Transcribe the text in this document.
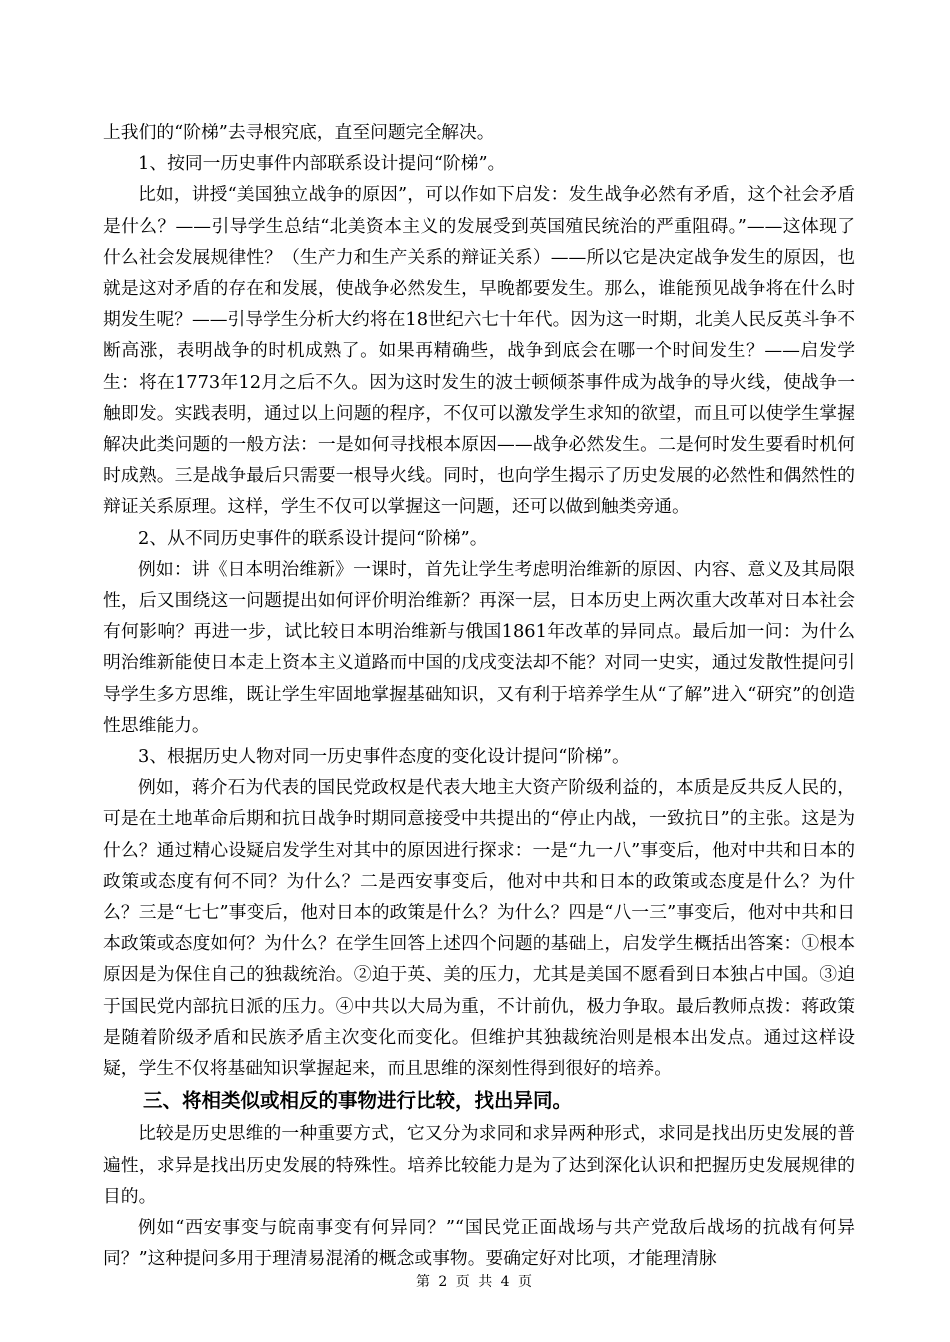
上我们的“阶梯”去寻根究底，直至问题完全解决。

1、按同一历史事件内部联系设计提问“阶梯”。

比如，讲授“美国独立战争的原因”，可以作如下启发：发生战争必然有矛盾，这个社会矛盾是什么？——引导学生总结“北美资本主义的发展受到英国殖民统治的严重阻碍。”——这体现了什么社会发展规律性？（生产力和生产关系的辩证关系）——所以它是决定战争发生的原因，也就是这对矛盾的存在和发展，使战争必然发生，早晚都要发生。那么，谁能预见战争将在什么时期发生呢？——引导学生分析大约将在18世纪六七十年代。因为这一时期，北美人民反英斗争不断高涨，表明战争的时机成熟了。如果再精确些，战争到底会在哪一个时间发生？——启发学生：将在1773年12月之后不久。因为这时发生的波士顿倾茶事件成为战争的导火线，使战争一触即发。实践表明，通过以上问题的程序，不仅可以激发学生求知的欲望，而且可以使学生掌握解决此类问题的一般方法：一是如何寻找根本原因——战争必然发生。二是何时发生要看时机何时成熟。三是战争最后只需要一根导火线。同时，也向学生揭示了历史发展的必然性和偶然性的辩证关系原理。这样，学生不仅可以掌握这一问题，还可以做到触类旁通。

2、从不同历史事件的联系设计提问“阶梯”。

例如：讲《日本明治维新》一课时，首先让学生考虑明治维新的原因、内容、意义及其局限性，后又围绕这一问题提出如何评价明治维新？再深一层，日本历史上两次重大改革对日本社会有何影响？再进一步，试比较日本明治维新与俄国1861年改革的异同点。最后加一问：为什么明治维新能使日本走上资本主义道路而中国的戊戌变法却不能？对同一史实，通过发散性提问引导学生多方思维，既让学生牢固地掌握基础知识，又有利于培养学生从“了解”进入“研究”的创造性思维能力。

3、根据历史人物对同一历史事件态度的变化设计提问“阶梯”。

例如，蒋介石为代表的国民党政权是代表大地主大资产阶级利益的，本质是反共反人民的，可是在土地革命后期和抗日战争时期同意接受中共提出的“停止内战，一致抗日”的主张。这是为什么？通过精心设疑启发学生对其中的原因进行探求：一是“九一八”事变后，他对中共和日本的政策或态度有何不同？为什么？二是西安事变后，他对中共和日本的政策或态度是什么？为什么？三是“七七”事变后，他对日本的政策是什么？为什么？四是“八一三”事变后，他对中共和日本政策或态度如何？为什么？在学生回答上述四个问题的基础上，启发学生概括出答案：①根本原因是为保住自己的独裁统治。②迫于英、美的压力，尤其是美国不愿看到日本独占中国。③迫于国民党内部抗日派的压力。④中共以大局为重，不计前仇，极力争取。最后教师点拨：蒋政策是随着阶级矛盾和民族矛盾主次变化而变化。但维护其独裁统治则是根本出发点。通过这样设疑，学生不仅将基础知识掌握起来，而且思维的深刻性得到很好的培养。

三、将相类似或相反的事物进行比较，找出异同。

比较是历史思维的一种重要方式，它又分为求同和求异两种形式，求同是找出历史发展的普遍性，求异是找出历史发展的特殊性。培养比较能力是为了达到深化认识和把握历史发展规律的目的。

例如“西安事变与皖南事变有何异同？”“国民党正面战场与共产党敌后战场的抗战有何异同？”这种提问多用于理清易混淆的概念或事物。要确定好对比项，才能理清脉

第 2 页 共 4 页
